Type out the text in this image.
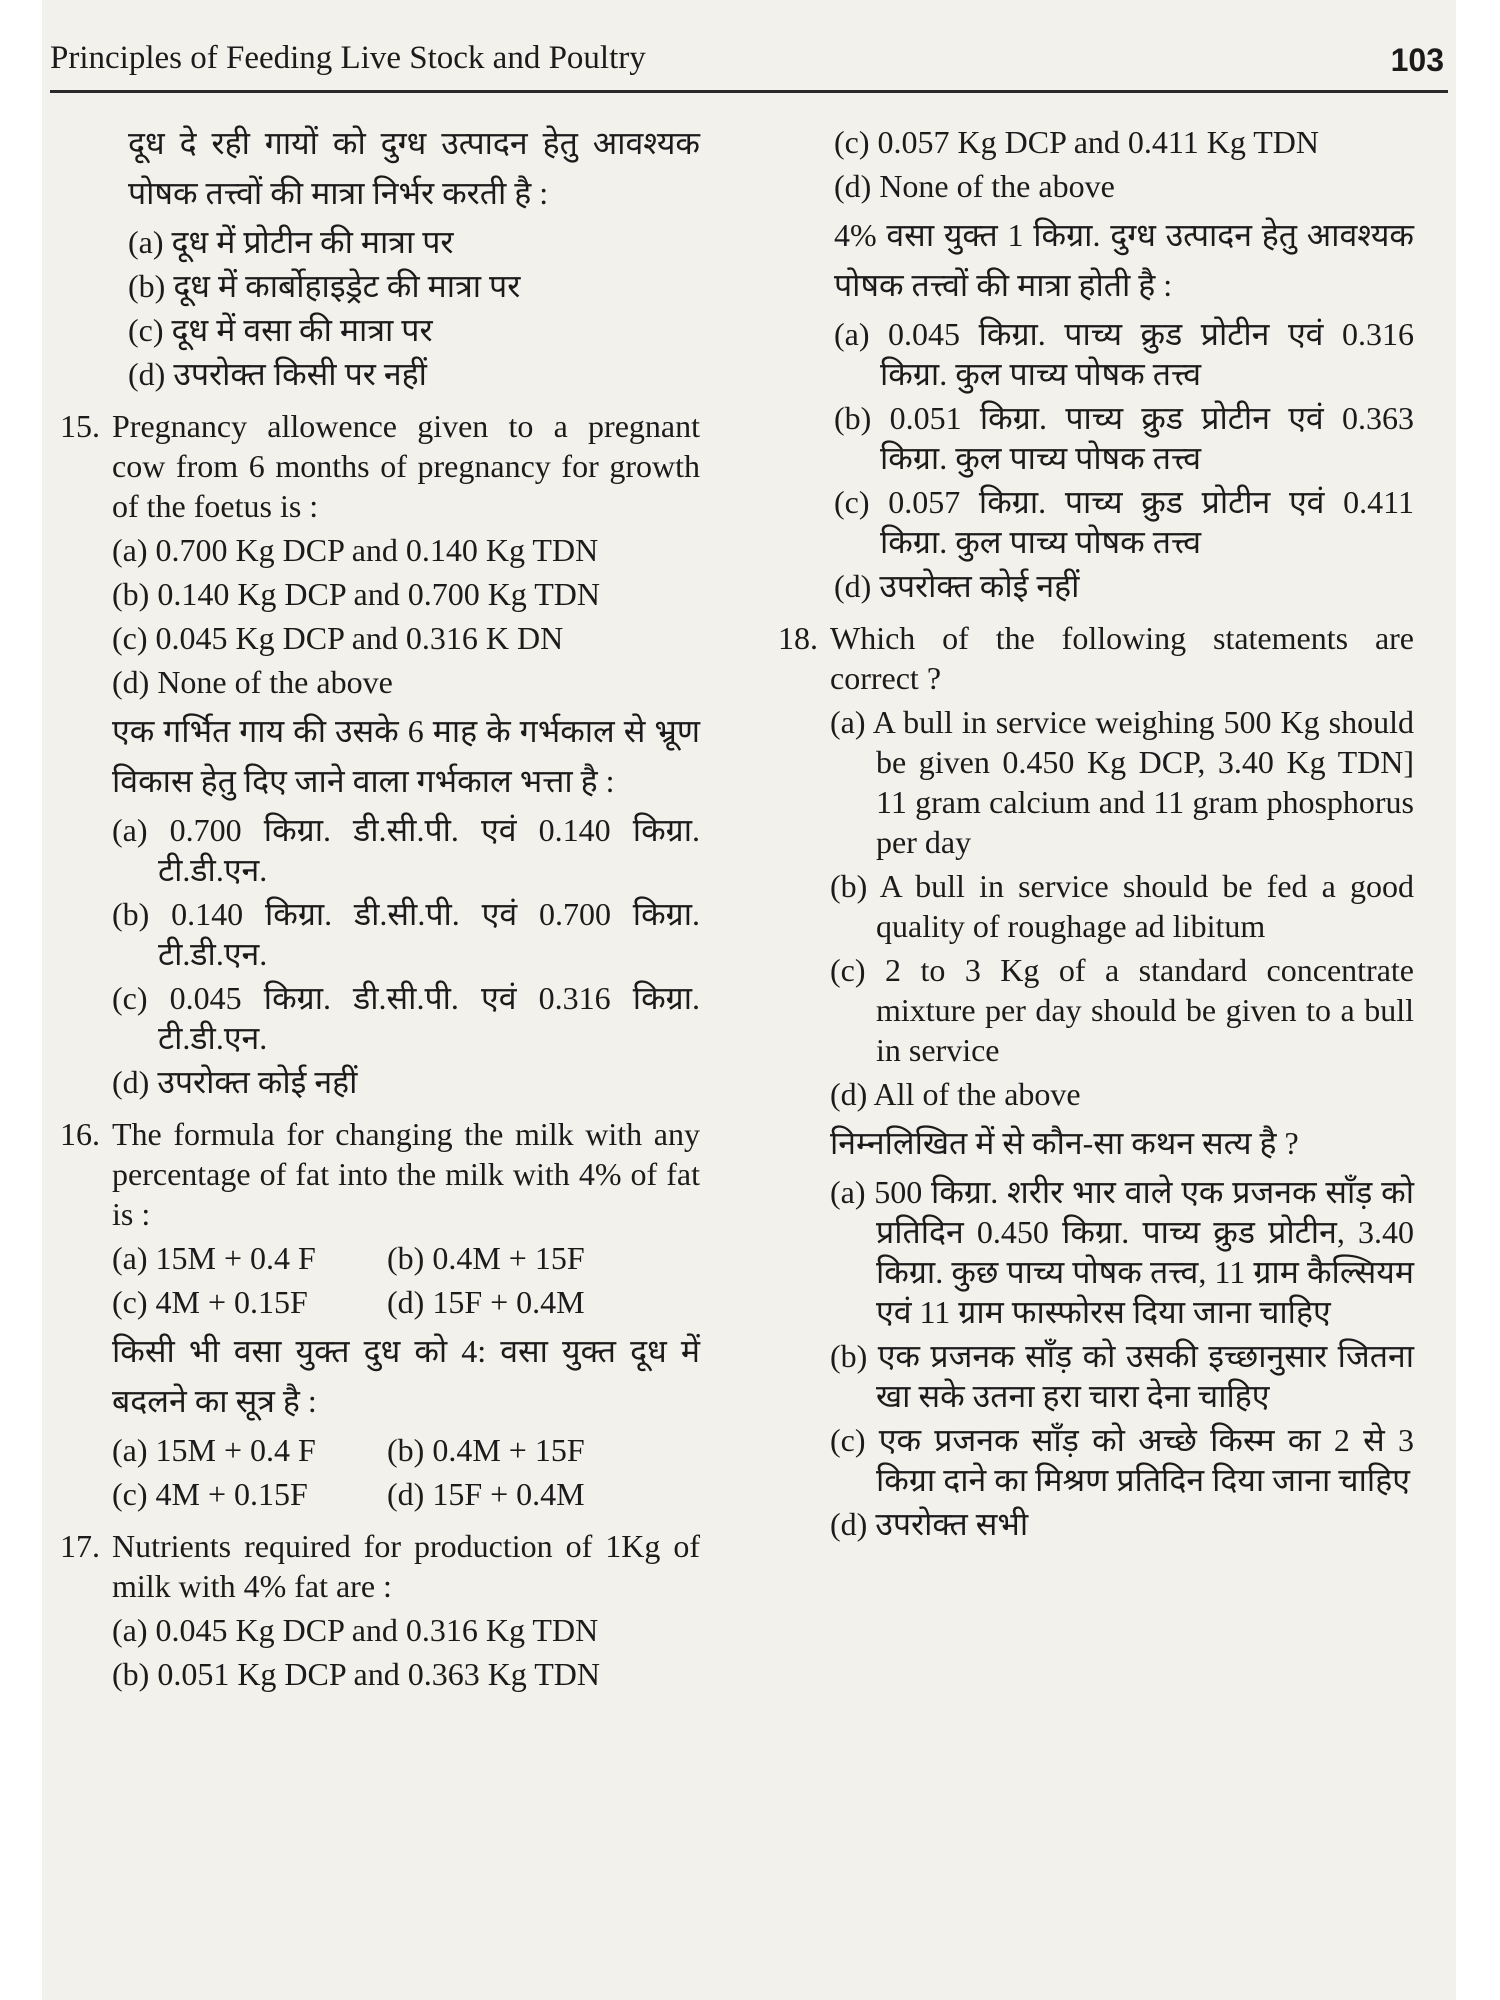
Principles of Feeding Live Stock and Poultry	103
दूध दे रही गायों को दुग्ध उत्पादन हेतु आवश्यक पोषक तत्त्वों की मात्रा निर्भर करती है :
(a) दूध में प्रोटीन की मात्रा पर
(b) दूध में कार्बोहाइड्रेट की मात्रा पर
(c) दूध में वसा की मात्रा पर
(d) उपरोक्त किसी पर नहीं
15. Pregnancy allowence given to a pregnant cow from 6 months of pregnancy for growth of the foetus is :
(a) 0.700 Kg DCP and 0.140 Kg TDN
(b) 0.140 Kg DCP and 0.700 Kg TDN
(c) 0.045 Kg DCP and 0.316 K DN
(d) None of the above
एक गर्भित गाय की उसके 6 माह के गर्भकाल से भ्रूण विकास हेतु दिए जाने वाला गर्भकाल भत्ता है :
(a) 0.700 किग्रा. डी.सी.पी. एवं 0.140 किग्रा. टी.डी.एन.
(b) 0.140 किग्रा. डी.सी.पी. एवं 0.700 किग्रा. टी.डी.एन.
(c) 0.045 किग्रा. डी.सी.पी. एवं 0.316 किग्रा. टी.डी.एन.
(d) उपरोक्त कोई नहीं
16. The formula for changing the milk with any percentage of fat into the milk with 4% of fat is :
(a) 15M + 0.4 F	(b) 0.4M + 15F
(c) 4M + 0.15F	(d) 15F + 0.4M
किसी भी वसा युक्त दुध को 4: वसा युक्त दूध में बदलने का सूत्र है :
(a) 15M + 0.4 F	(b) 0.4M + 15F
(c) 4M + 0.15F	(d) 15F + 0.4M
17. Nutrients required for production of 1Kg of milk with 4% fat are :
(a) 0.045 Kg DCP and 0.316 Kg TDN
(b) 0.051 Kg DCP and 0.363 Kg TDN
(c) 0.057 Kg DCP and 0.411 Kg TDN
(d) None of the above
4% वसा युक्त 1 किग्रा. दुग्ध उत्पादन हेतु आवश्यक पोषक तत्त्वों की मात्रा होती है :
(a) 0.045 किग्रा. पाच्य क्रुड प्रोटीन एवं 0.316 किग्रा. कुल पाच्य पोषक तत्त्व
(b) 0.051 किग्रा. पाच्य क्रुड प्रोटीन एवं 0.363 किग्रा. कुल पाच्य पोषक तत्त्व
(c) 0.057 किग्रा. पाच्य क्रुड प्रोटीन एवं 0.411 किग्रा. कुल पाच्य पोषक तत्त्व
(d) उपरोक्त कोई नहीं
18. Which of the following statements are correct ?
(a) A bull in service weighing 500 Kg should be given 0.450 Kg DCP, 3.40 Kg TDN] 11 gram calcium and 11 gram phosphorus per day
(b) A bull in service should be fed a good quality of roughage ad libitum
(c) 2 to 3 Kg of a standard concentrate mixture per day should be given to a bull in service
(d) All of the above
निम्नलिखित में से कौन-सा कथन सत्य है ?
(a) 500 किग्रा. शरीर भार वाले एक प्रजनक साँड़ को प्रतिदिन 0.450 किग्रा. पाच्य क्रुड प्रोटीन, 3.40 किग्रा. कुछ पाच्य पोषक तत्त्व, 11 ग्राम कैल्सियम एवं 11 ग्राम फास्फोरस दिया जाना चाहिए
(b) एक प्रजनक साँड़ को उसकी इच्छानुसार जितना खा सके उतना हरा चारा देना चाहिए
(c) एक प्रजनक साँड़ को अच्छे किस्म का 2 से 3 किग्रा दाने का मिश्रण प्रतिदिन दिया जाना चाहिए
(d) उपरोक्त सभी
